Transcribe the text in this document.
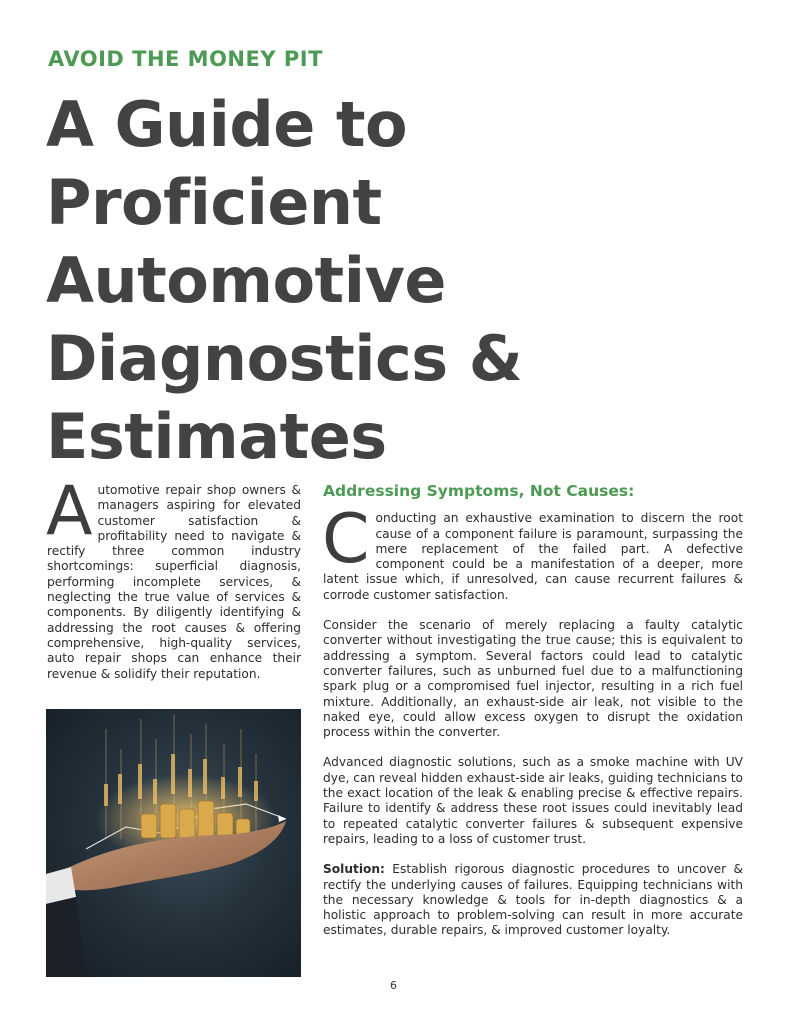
AVOID THE MONEY PIT
A Guide to Proficient Automotive Diagnostics & Estimates
A utomotive repair shop owners & managers aspiring for elevated customer satisfaction & profitability need to navigate & rectify three common industry shortcomings: superficial diagnosis, performing incomplete services, & neglecting the true value of services & components. By diligently identifying & addressing the root causes & offering comprehensive, high-quality services, auto repair shops can enhance their revenue & solidify their reputation.
Addressing Symptoms, Not Causes:

Conducting an exhaustive examination to discern the root cause of a component failure is paramount, surpassing the mere replacement of the failed part. A defective component could be a manifestation of a deeper, more latent issue which, if unresolved, can cause recurrent failures & corrode customer satisfaction.

Consider the scenario of merely replacing a faulty catalytic converter without investigating the true cause; this is equivalent to addressing a symptom. Several factors could lead to catalytic converter failures, such as unburned fuel due to a malfunctioning spark plug or a compromised fuel injector, resulting in a rich fuel mixture. Additionally, an exhaust-side air leak, not visible to the naked eye, could allow excess oxygen to disrupt the oxidation process within the converter.

Advanced diagnostic solutions, such as a smoke machine with UV dye, can reveal hidden exhaust-side air leaks, guiding technicians to the exact location of the leak & enabling precise & effective repairs. Failure to identify & address these root issues could inevitably lead to repeated catalytic converter failures & subsequent expensive repairs, leading to a loss of customer trust.

Solution: Establish rigorous diagnostic procedures to uncover & rectify the underlying causes of failures. Equipping technicians with the necessary knowledge & tools for in-depth diagnostics & a holistic approach to problem-solving can result in more accurate estimates, durable repairs, & improved customer loyalty.

6
